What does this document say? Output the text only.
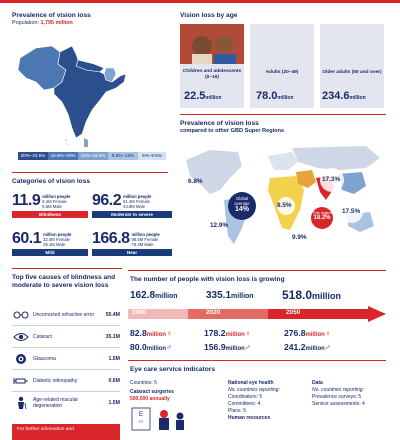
Prevalence of vision loss
Population: 1,795 million
20%–23.5%	16.5%–20%	13%–16.5%	9.5%–13%	6%–9.5%
Categories of vision loss
11.9 million people
6.4M Female
5.5M Male
Blindness
96.2 million people
51.4M Female
44.9M Male
Moderate to severe
60.1 million people
32.0M Female
28.1M Male
Mild
166.8 million people
88.5M Female
78.3M Male
Near
Top five causes of blindness and moderate to severe vision loss
Uncorrected refractive error	55.4M
Cataract	35.1M
Glaucoma	1.5M
Diabetic retinopathy	0.6M
Age-related macular degeneration	1.5M
For further information and
Vision loss by age
Children and adolescents (0–19)
Adults (20–49)	Older adults (50 and over)
22.5million	78.0million	234.6million
Prevalence of vision loss
compared to other GBD Super Regions
Global average
14%	This region
18.2%
6.8%	17.3%
8.5%
17.5%
12.9%
9.9%
The number of people with vision loss is growing
162.8million	335.1million 518.0million
1990	2020	2050
82.8million♀	178.2million♀	276.8million♀
80.0million♂	156.9million♂	241.2million♂
Eye care service indicators
Countries: 5
Cataract surgeries
500,000 annually
E
≡≡
National eye health
No. countries reporting:
Coordinators: 5
Committees: 4
Plans: 5
Human resources
Data
No. countries reporting:
Prevalence surveys: 5
Service assessments: 4
